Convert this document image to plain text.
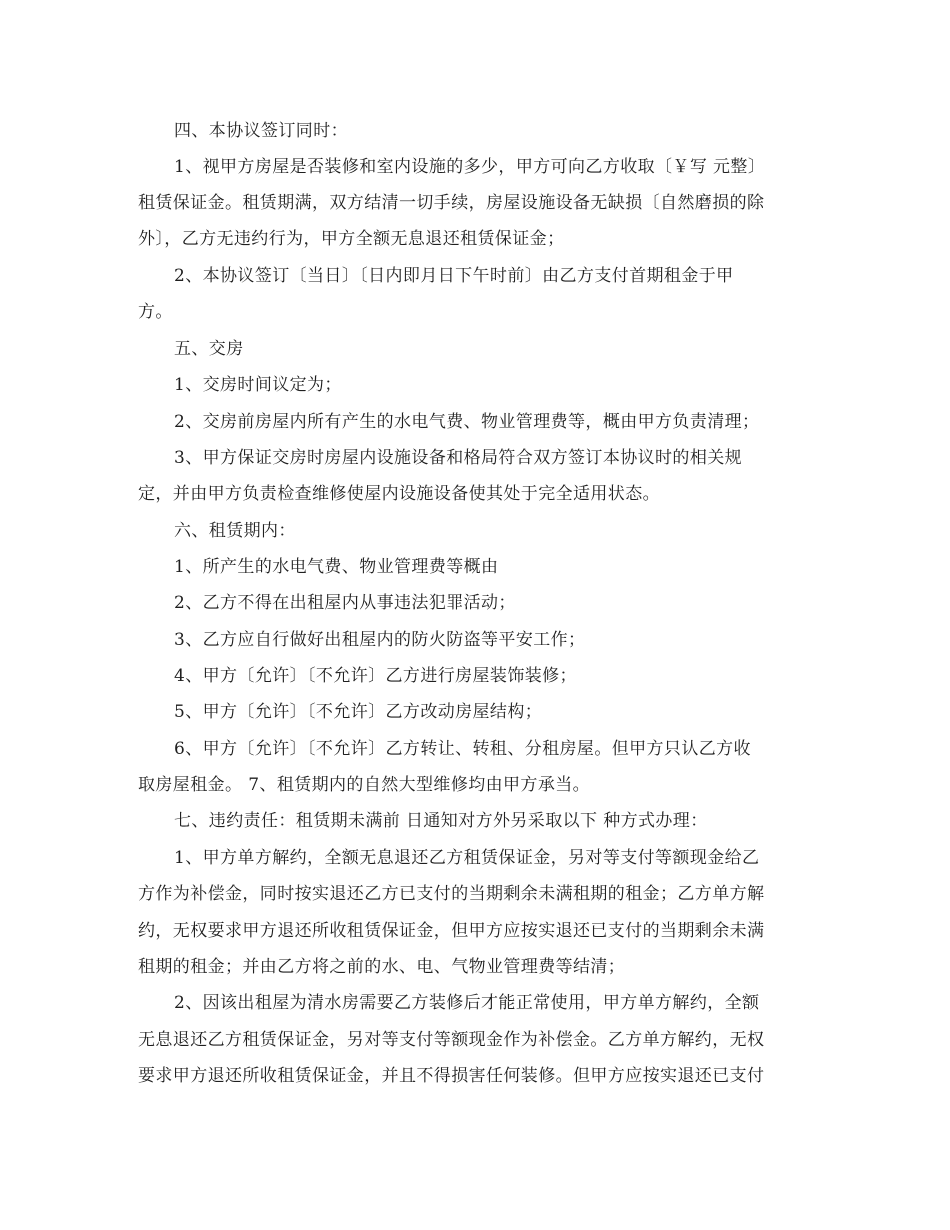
四、本协议签订同时：
1、视甲方房屋是否装修和室内设施的多少，甲方可向乙方收取〔￥写 元整〕
租赁保证金。租赁期满，双方结清一切手续，房屋设施设备无缺损〔自然磨损的除
外〕，乙方无违约行为，甲方全额无息退还租赁保证金；
2、本协议签订〔当日〕〔日内即月日下午时前〕由乙方支付首期租金于甲
方。
五、交房
1、交房时间议定为；
2、交房前房屋内所有产生的水电气费、物业管理费等，概由甲方负责清理；
3、甲方保证交房时房屋内设施设备和格局符合双方签订本协议时的相关规
定，并由甲方负责检查维修使屋内设施设备使其处于完全适用状态。
六、租赁期内：
1、所产生的水电气费、物业管理费等概由
2、乙方不得在出租屋内从事违法犯罪活动；
3、乙方应自行做好出租屋内的防火防盗等平安工作；
4、甲方〔允许〕〔不允许〕乙方进行房屋装饰装修；
5、甲方〔允许〕〔不允许〕乙方改动房屋结构；
6、甲方〔允许〕〔不允许〕乙方转让、转租、分租房屋。但甲方只认乙方收
取房屋租金。 7、租赁期内的自然大型维修均由甲方承当。
七、违约责任：租赁期未满前 日通知对方外另采取以下 种方式办理：
1、甲方单方解约，全额无息退还乙方租赁保证金，另对等支付等额现金给乙
方作为补偿金，同时按实退还乙方已支付的当期剩余未满租期的租金；乙方单方解
约，无权要求甲方退还所收租赁保证金，但甲方应按实退还已支付的当期剩余未满
租期的租金；并由乙方将之前的水、电、气物业管理费等结清；
2、因该出租屋为清水房需要乙方装修后才能正常使用，甲方单方解约，全额
无息退还乙方租赁保证金，另对等支付等额现金作为补偿金。乙方单方解约，无权
要求甲方退还所收租赁保证金，并且不得损害任何装修。但甲方应按实退还已支付
